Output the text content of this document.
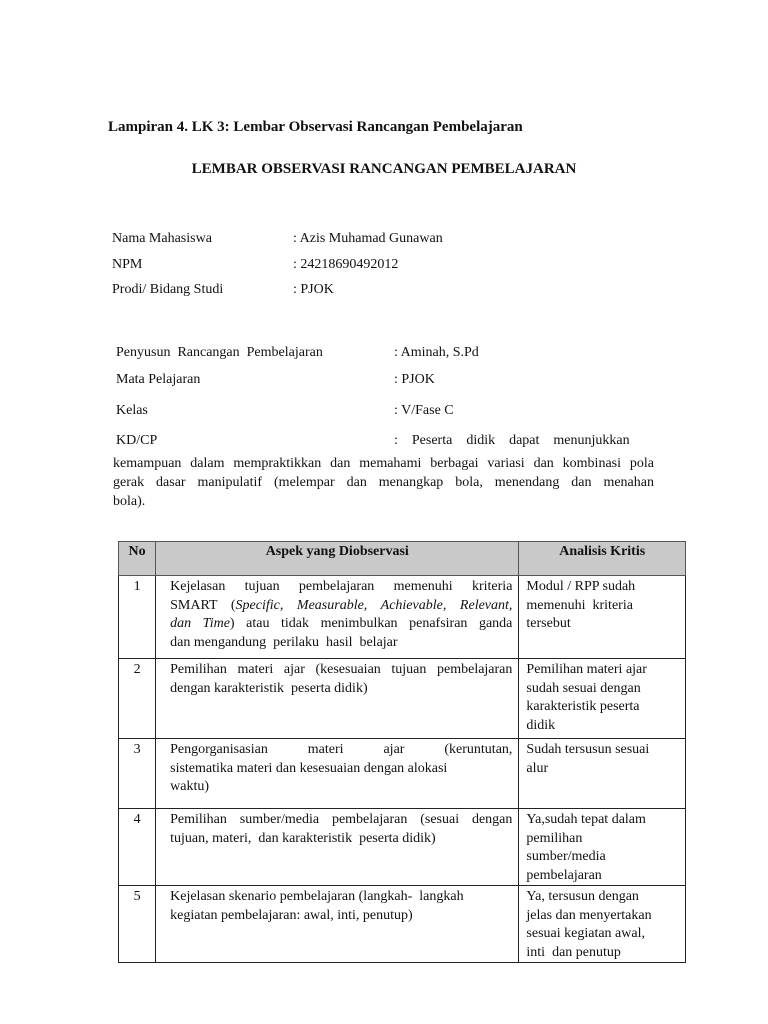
Lampiran 4. LK 3: Lembar Observasi Rancangan Pembelajaran
LEMBAR OBSERVASI RANCANGAN PEMBELAJARAN
Nama Mahasiswa	: Azis Muhamad Gunawan
NPM	: 24218690492012
Prodi/ Bidang Studi	: PJOK
Penyusun  Rancangan  Pembelajaran	: Aminah, S.Pd
Mata Pelajaran	: PJOK
Kelas	: V/Fase C
KD/CP	:    Peserta    didik    dapat    menunjukkan
kemampuan dalam mempraktikkan dan memahami berbagai variasi dan kombinasi pola
gerak dasar manipulatif (melempar dan menangkap bola, menendang dan menahan
bola).
No	Aspek yang Diobservasi	Analisis Kritis
1	Kejelasan tujuan pembelajaran memenuhi kriteria
SMART (Specific, Measurable, Achievable, Relevant,
dan Time) atau tidak menimbulkan penafsiran ganda
dan mengandung  perilaku  hasil  belajar	Modul / RPP sudah
memenuhi  kriteria
tersebut

2	Pemilihan materi ajar (kesesuaian tujuan pembelajaran
dengan karakteristik  peserta didik)	Pemilihan materi ajar
sudah sesuai dengan
karakteristik peserta
didik

3	Pengorganisasian     materi     ajar     (keruntutan,
sistematika materi dan kesesuaian dengan alokasi
waktu)	Sudah tersusun sesuai
alur

4	Pemilihan sumber/media pembelajaran (sesuai dengan
tujuan, materi,  dan karakteristik  peserta didik)	Ya,sudah tepat dalam
pemilihan
sumber/media
pembelajaran

5	Kejelasan skenario pembelajaran (langkah-  langkah
kegiatan pembelajaran: awal, inti, penutup)	Ya, tersusun dengan
jelas dan menyertakan
sesuai kegiatan awal,
inti  dan penutup
